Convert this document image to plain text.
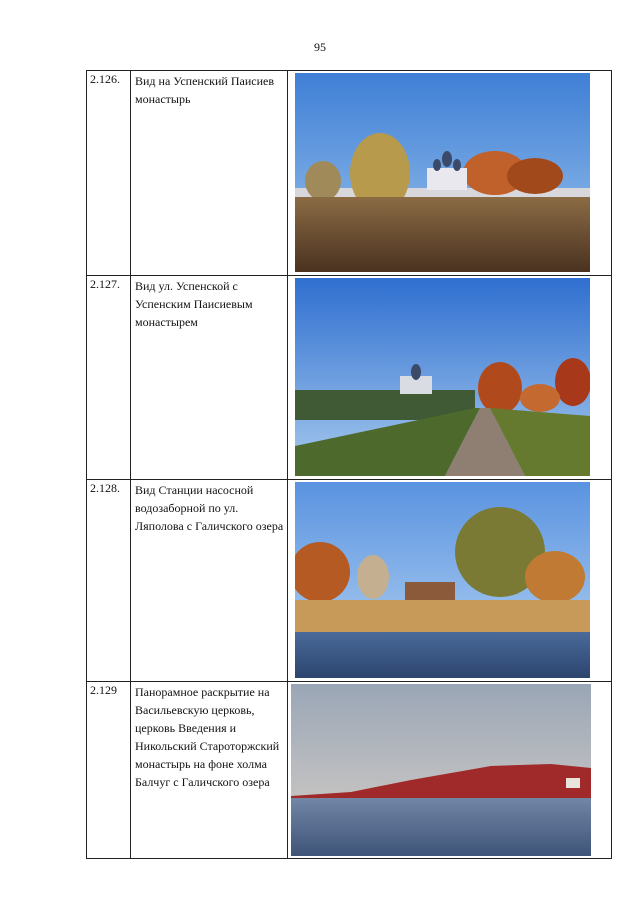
95
2.126.	Вид на Успенский Паисиев монастырь	

2.127.	Вид ул. Успенской с Успенским Паисиевым монастырем	

2.128.	Вид Станции насосной водозаборной по ул. Ляполова с Галичского озера	

2.129	Панорамное раскрытие на Васильевскую церковь, церковь Введения и Никольский Староторжский монастырь на фоне холма Балчуг с Галичского озера	
